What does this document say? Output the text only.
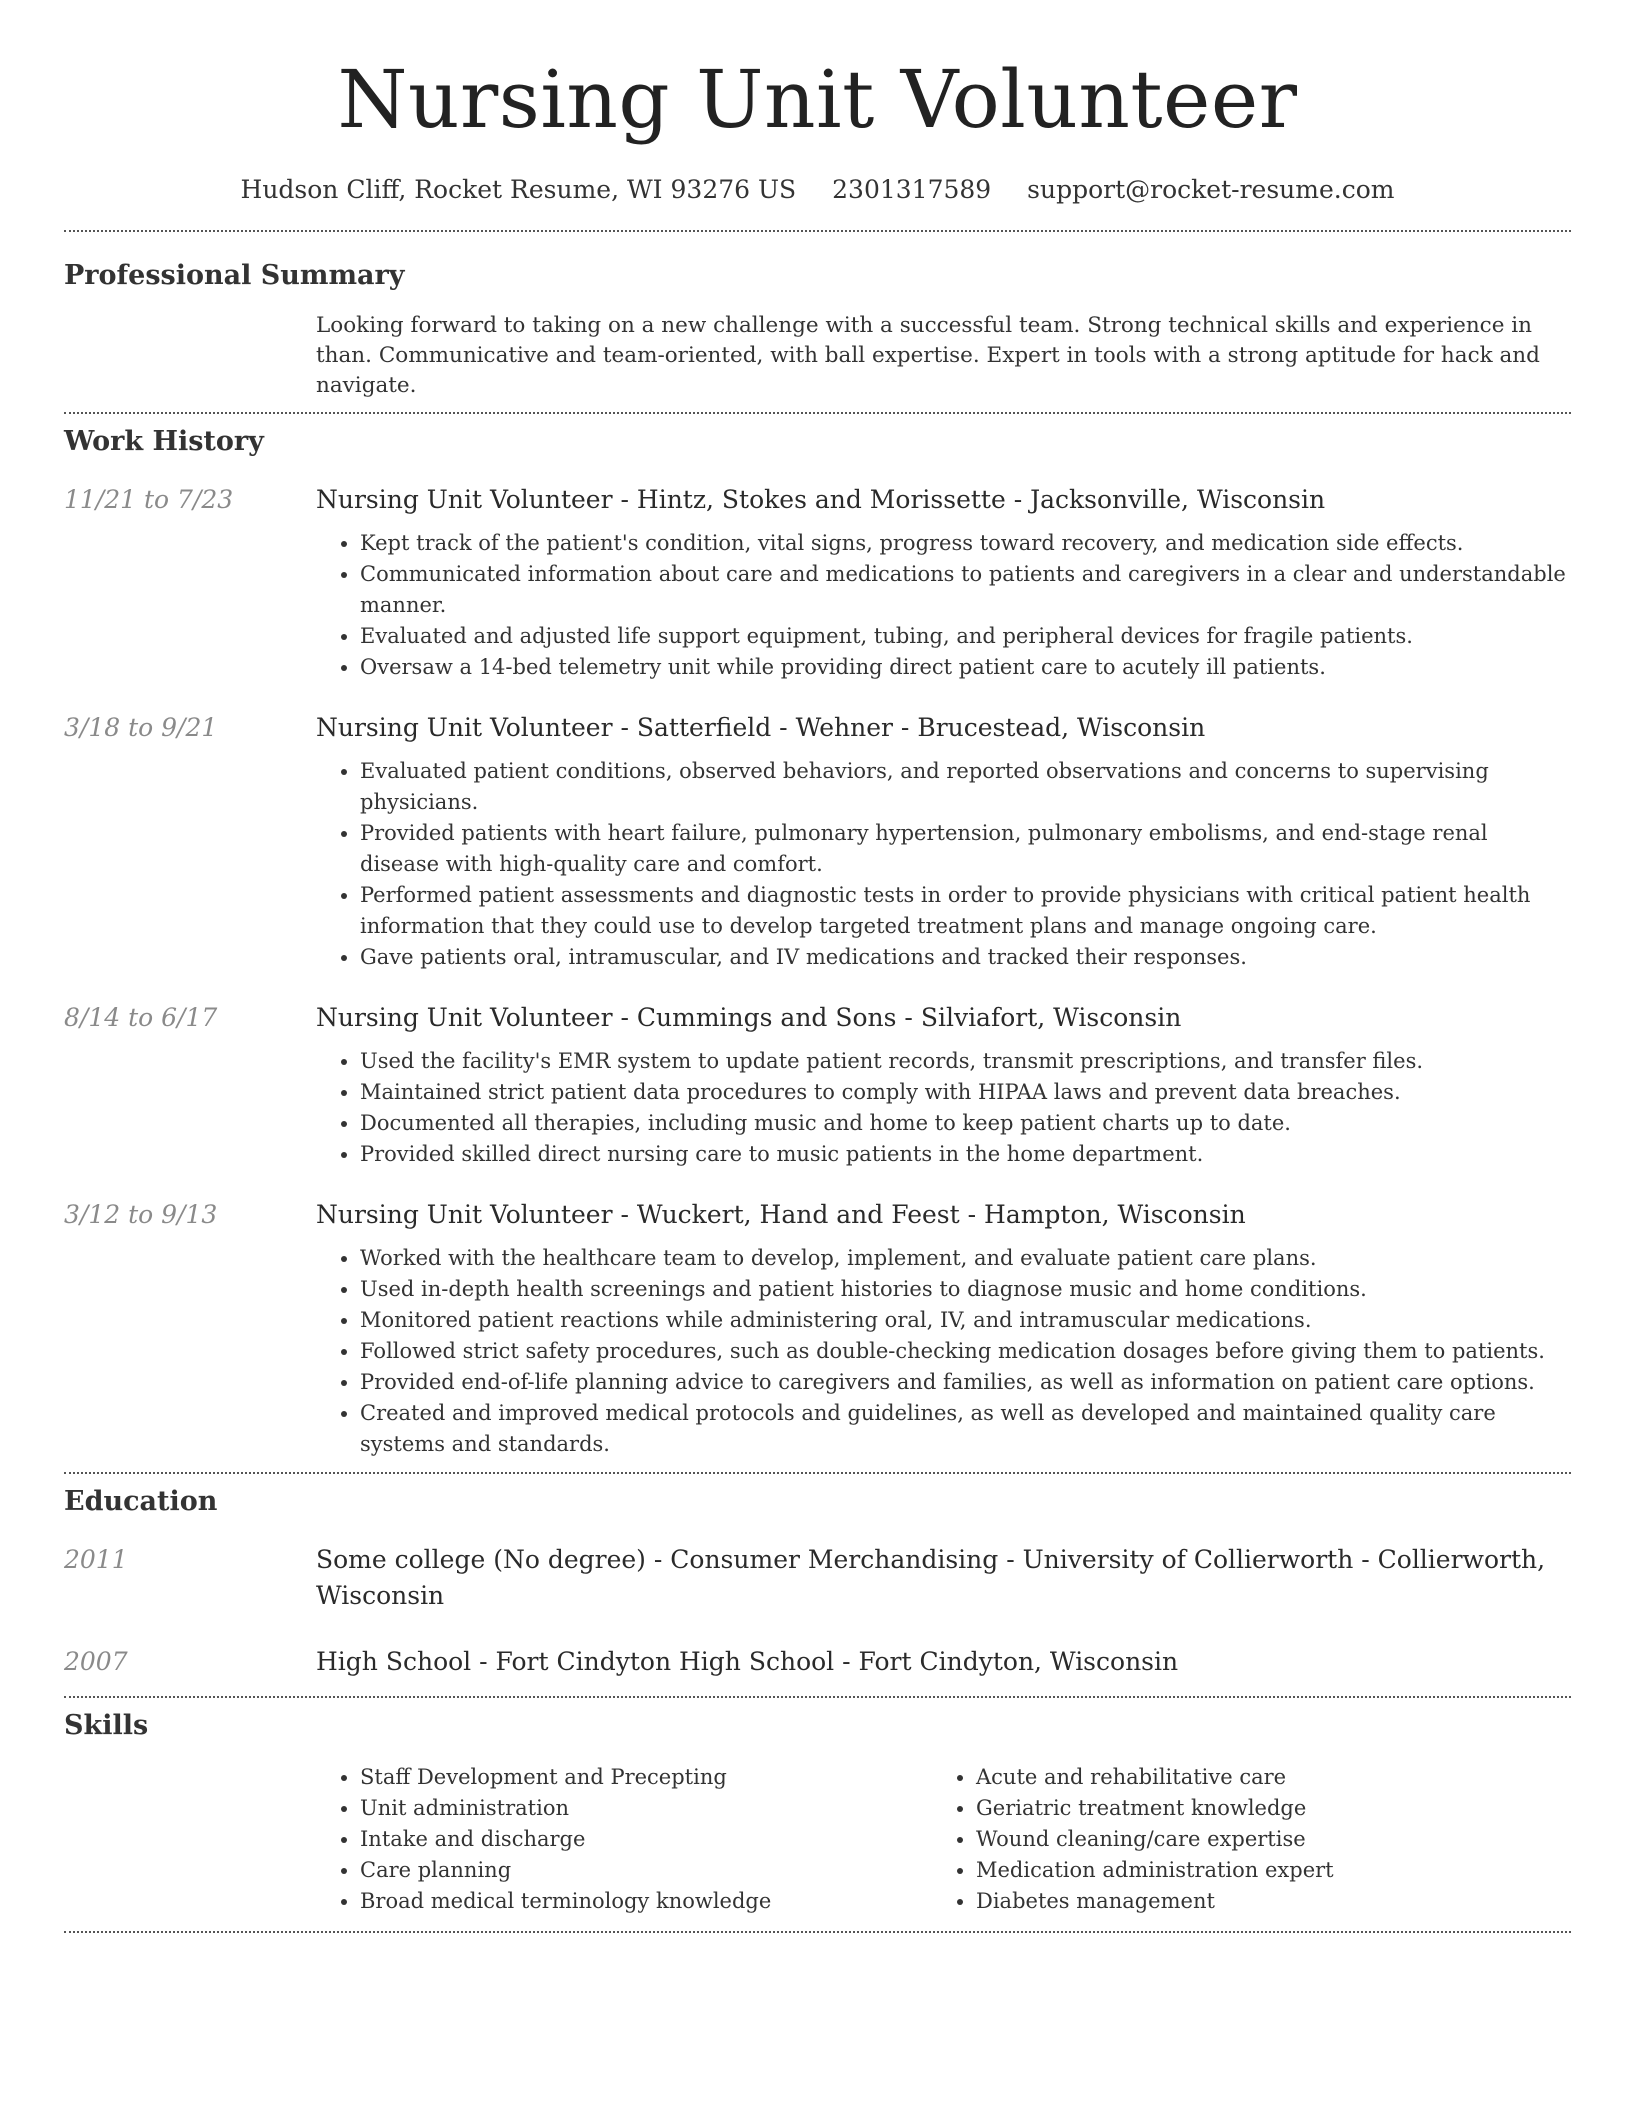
Nursing Unit Volunteer
Hudson Cliff, Rocket Resume, WI 93276 US 2301317589 support@rocket-resume.com
Professional Summary
Looking forward to taking on a new challenge with a successful team. Strong technical skills and experience in than. Communicative and team-oriented, with ball expertise. Expert in tools with a strong aptitude for hack and navigate.
Work History
11/21 to 7/23	Nursing Unit Volunteer - Hintz, Stokes and Morissette - Jacksonville, Wisconsin
• Kept track of the patient's condition, vital signs, progress toward recovery, and medication side effects.
• Communicated information about care and medications to patients and caregivers in a clear and understandable manner.
• Evaluated and adjusted life support equipment, tubing, and peripheral devices for fragile patients.
• Oversaw a 14-bed telemetry unit while providing direct patient care to acutely ill patients.
3/18 to 9/21	Nursing Unit Volunteer - Satterfield - Wehner - Brucestead, Wisconsin
• Evaluated patient conditions, observed behaviors, and reported observations and concerns to supervising physicians.
• Provided patients with heart failure, pulmonary hypertension, pulmonary embolisms, and end-stage renal disease with high-quality care and comfort.
• Performed patient assessments and diagnostic tests in order to provide physicians with critical patient health information that they could use to develop targeted treatment plans and manage ongoing care.
• Gave patients oral, intramuscular, and IV medications and tracked their responses.
8/14 to 6/17	Nursing Unit Volunteer - Cummings and Sons - Silviafort, Wisconsin
• Used the facility's EMR system to update patient records, transmit prescriptions, and transfer files.
• Maintained strict patient data procedures to comply with HIPAA laws and prevent data breaches.
• Documented all therapies, including music and home to keep patient charts up to date.
• Provided skilled direct nursing care to music patients in the home department.
3/12 to 9/13	Nursing Unit Volunteer - Wuckert, Hand and Feest - Hampton, Wisconsin
• Worked with the healthcare team to develop, implement, and evaluate patient care plans.
• Used in-depth health screenings and patient histories to diagnose music and home conditions.
• Monitored patient reactions while administering oral, IV, and intramuscular medications.
• Followed strict safety procedures, such as double-checking medication dosages before giving them to patients.
• Provided end-of-life planning advice to caregivers and families, as well as information on patient care options.
• Created and improved medical protocols and guidelines, as well as developed and maintained quality care systems and standards.
Education
2011	Some college (No degree) - Consumer Merchandising - University of Collierworth - Collierworth, Wisconsin
2007	High School - Fort Cindyton High School - Fort Cindyton, Wisconsin
Skills
• Staff Development and Precepting
• Unit administration
• Intake and discharge
• Care planning
• Broad medical terminology knowledge
• Acute and rehabilitative care
• Geriatric treatment knowledge
• Wound cleaning/care expertise
• Medication administration expert
• Diabetes management
